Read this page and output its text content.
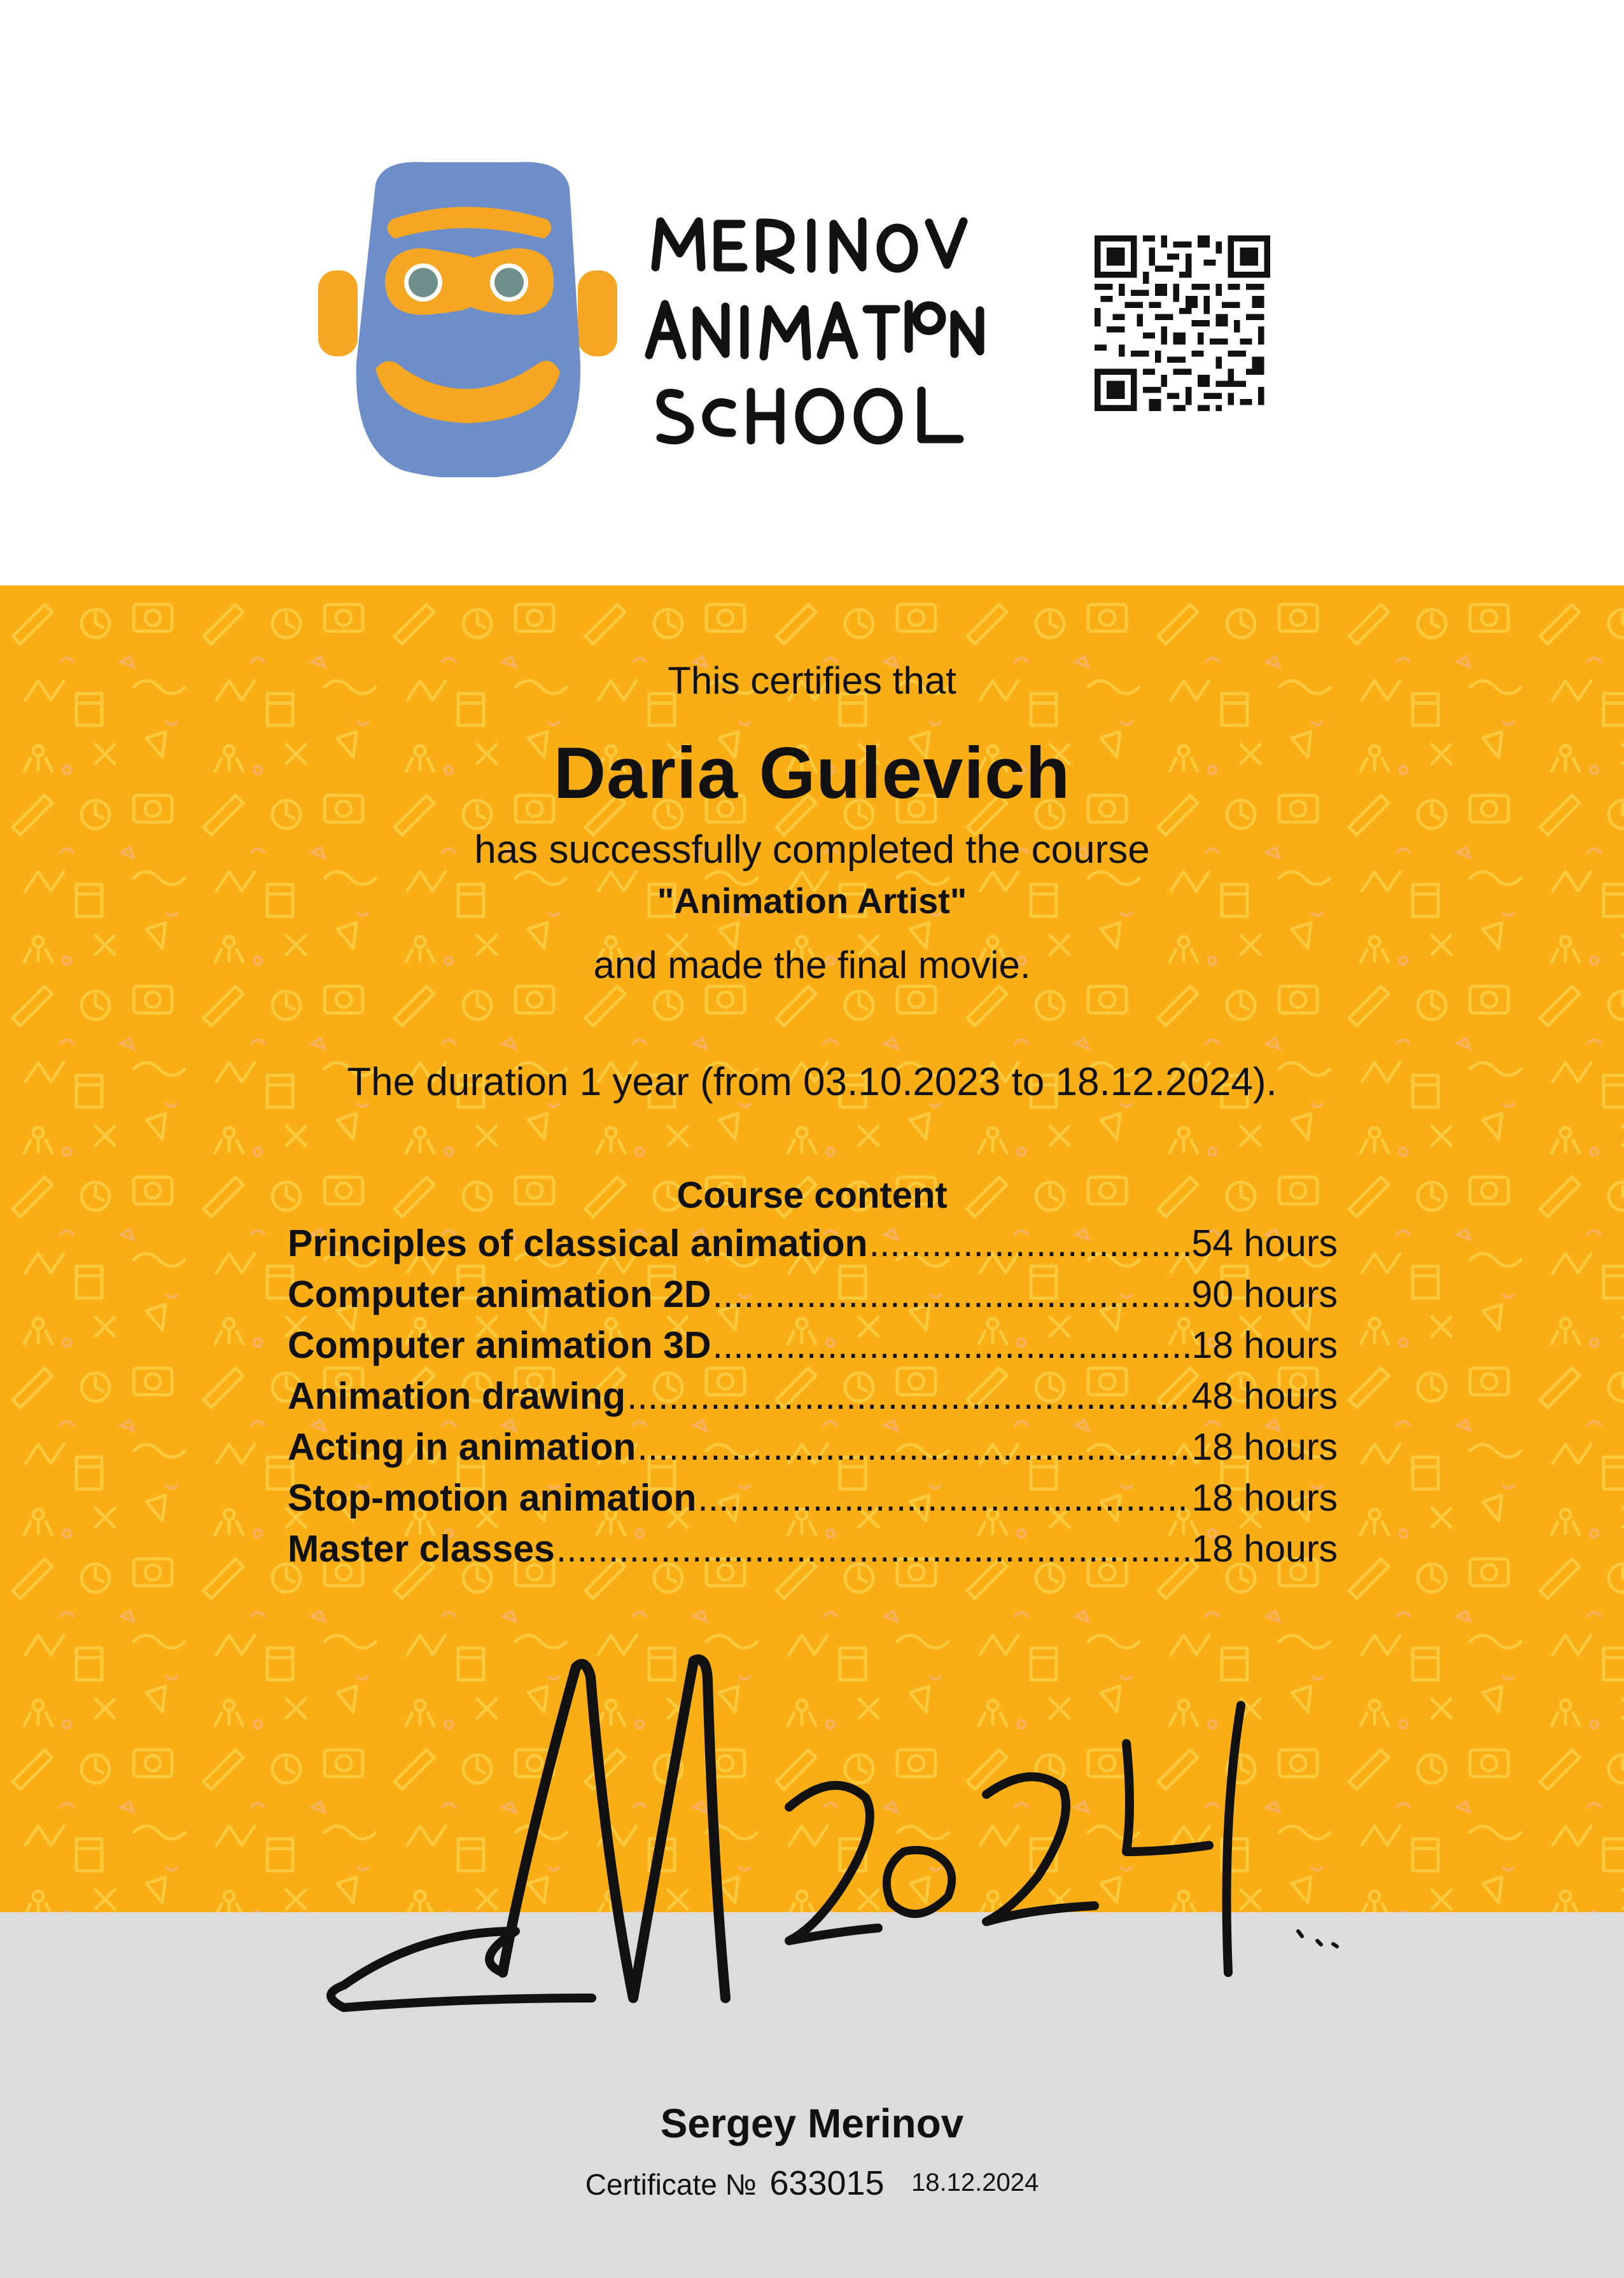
This certifies that
Daria Gulevich
has successfully completed the course
"Animation Artist"
and made the final movie.
The duration 1 year (from 03.10.2023 to 18.12.2024).
Course content
Principles of classical animation .....	54 hours
Computer animation 2D .....	90 hours
Computer animation 3D .....	18 hours
Animation drawing .....	48 hours
Acting in animation .....	18 hours
Stop-motion animation .....	18 hours
Master classes .....	18 hours
Sergey Merinov
Certificate № 633015 18.12.2024
